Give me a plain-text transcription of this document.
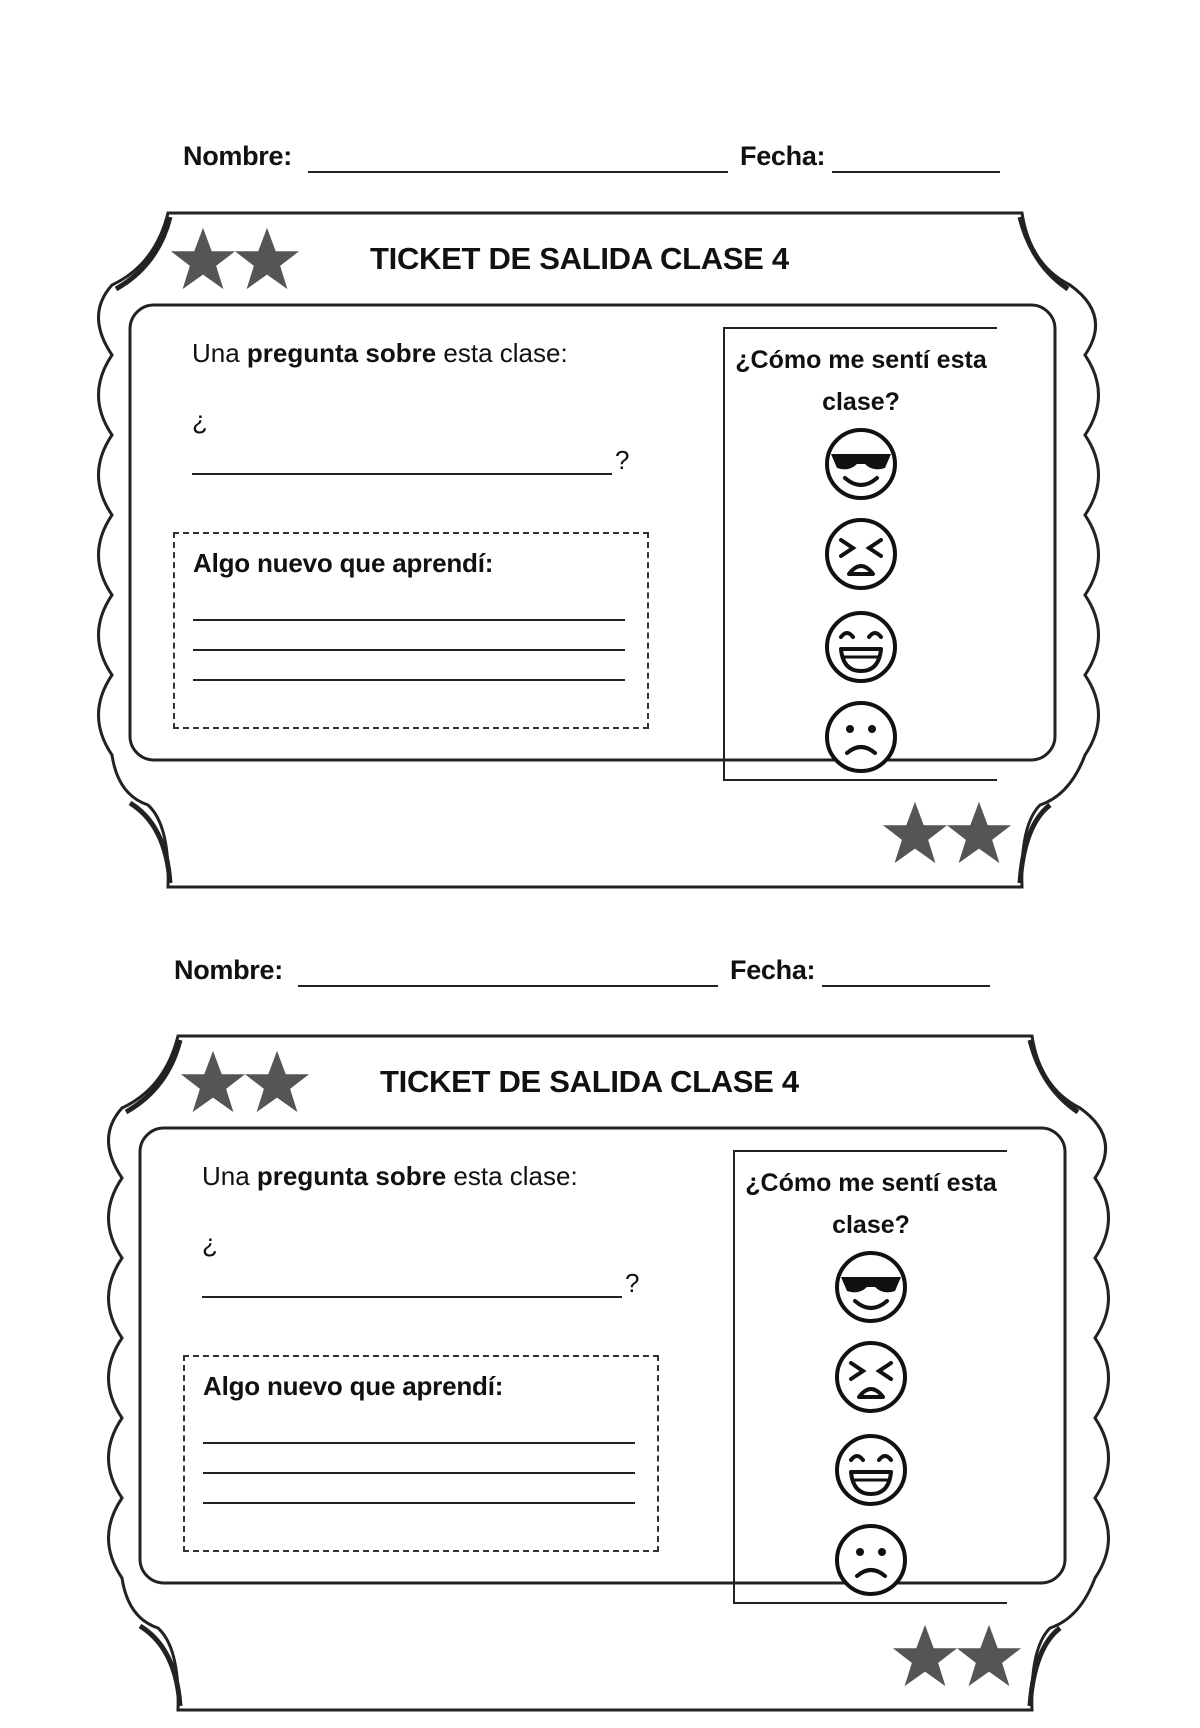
Nombre:	Fecha:
TICKET DE SALIDA CLASE 4
Una pregunta sobre esta clase:
¿
?
Algo nuevo que aprendí:
¿Cómo me sentí esta clase?
Nombre:	Fecha:
TICKET DE SALIDA CLASE 4
Una pregunta sobre esta clase:
¿
?
Algo nuevo que aprendí:
¿Cómo me sentí esta clase?
